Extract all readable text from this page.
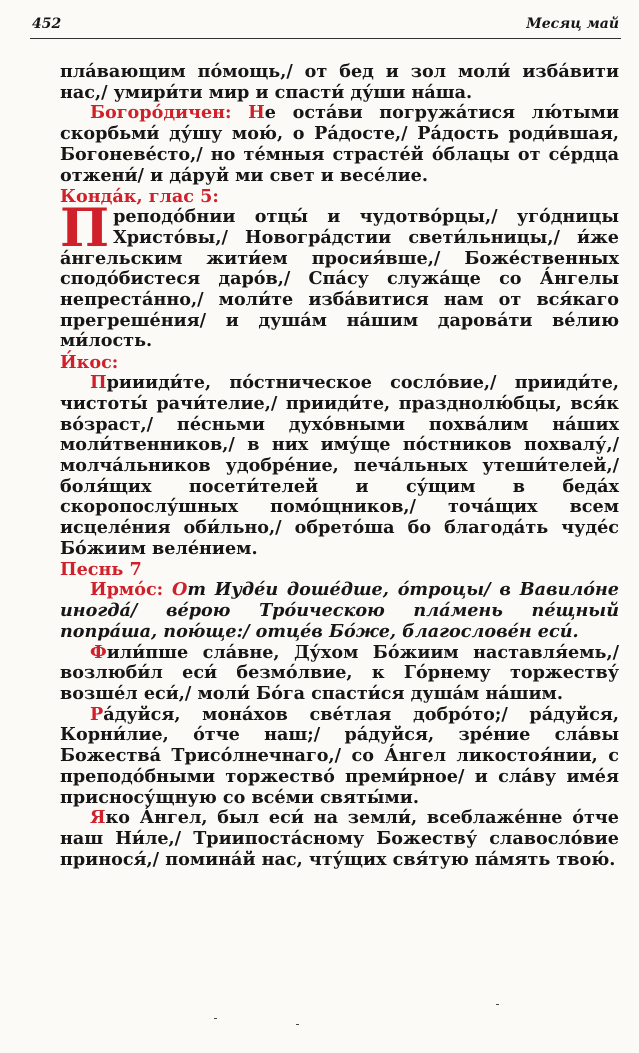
452	Месяц май

пла́вающим по́мощь,/ от бед и зол моли́ изба́вити нас,/ умири́ти мир и спасти́ ду́ши на́ша.

Богоро́дичен: Не оста́ви погружа́тися лю́тыми скорбьми́ ду́шу мою́, о Ра́досте,/ Ра́дость роди́вшая, Богоневе́сто,/ но те́мныя страсте́й о́блацы от се́рдца отжени́/ и да́руй ми свет и весе́лие.

Конда́к, глас 5:

Преподо́бнии отцы́ и чудотво́рцы,/ уго́дницы Христо́вы,/ Новогра́дстии свети́льницы,/ и́же а́нгельским жити́ем просия́вше,/ Боже́ственных сподо́бистеся даро́в,/ Спа́су служа́ще со А́нгелы непреста́нно,/ моли́те изба́витися нам от вся́каго прегреше́ния/ и душа́м на́шим дарова́ти ве́лию ми́лость.

И́кос:

Приииди́те, по́стническое сосло́вие,/ прииди́те, чистоты́ рачи́телие,/ прииди́те, празднолю́бцы, вся́к во́зраст,/ пе́сньми духо́вными похва́лим на́ших моли́твенников,/ в них иму́ще по́стников похвалу́,/ молча́льников удобре́ние, печа́льных утеши́телей,/ боля́щих посети́телей и су́щим в беда́х скоропослу́шных помо́щников,/ точа́щих всем исцеле́ния оби́льно,/ обрето́ша бо благода́ть чуде́с Бо́жиим веле́нием.

Песнь 7

Ирмо́с: От Иуде́и доше́дше, о́троцы/ в Вавило́не иногда́/ ве́рою Тро́ическою пла́мень пе́щный попра́ша, пою́ще:/ отце́в Бо́же, благослове́н еси́.

Фили́пше сла́вне, Ду́хом Бо́жиим наставля́емь,/ возлюби́л еси́ безмо́лвие, к Го́рнему торжеству́ возше́л еси́,/ моли́ Бо́га спасти́ся душа́м на́шим.

Ра́дуйся, мона́хов све́тлая добро́то;/ ра́дуйся, Корни́лие, о́тче наш;/ ра́дуйся, зре́ние сла́вы Божества́ Трисо́лнечнаго,/ со А́нгел ликостоя́нии, с преподо́бными торжество́ преми́рное/ и сла́ву име́я присносу́щную со все́ми святы́ми.

Яко А́нгел, был еси́ на земли́, всеблаже́нне о́тче наш Ни́ле,/ Триипоста́сному Божеству́ славосло́вие принося́,/ помина́й нас, чту́щих свя́тую па́мять твою́.
